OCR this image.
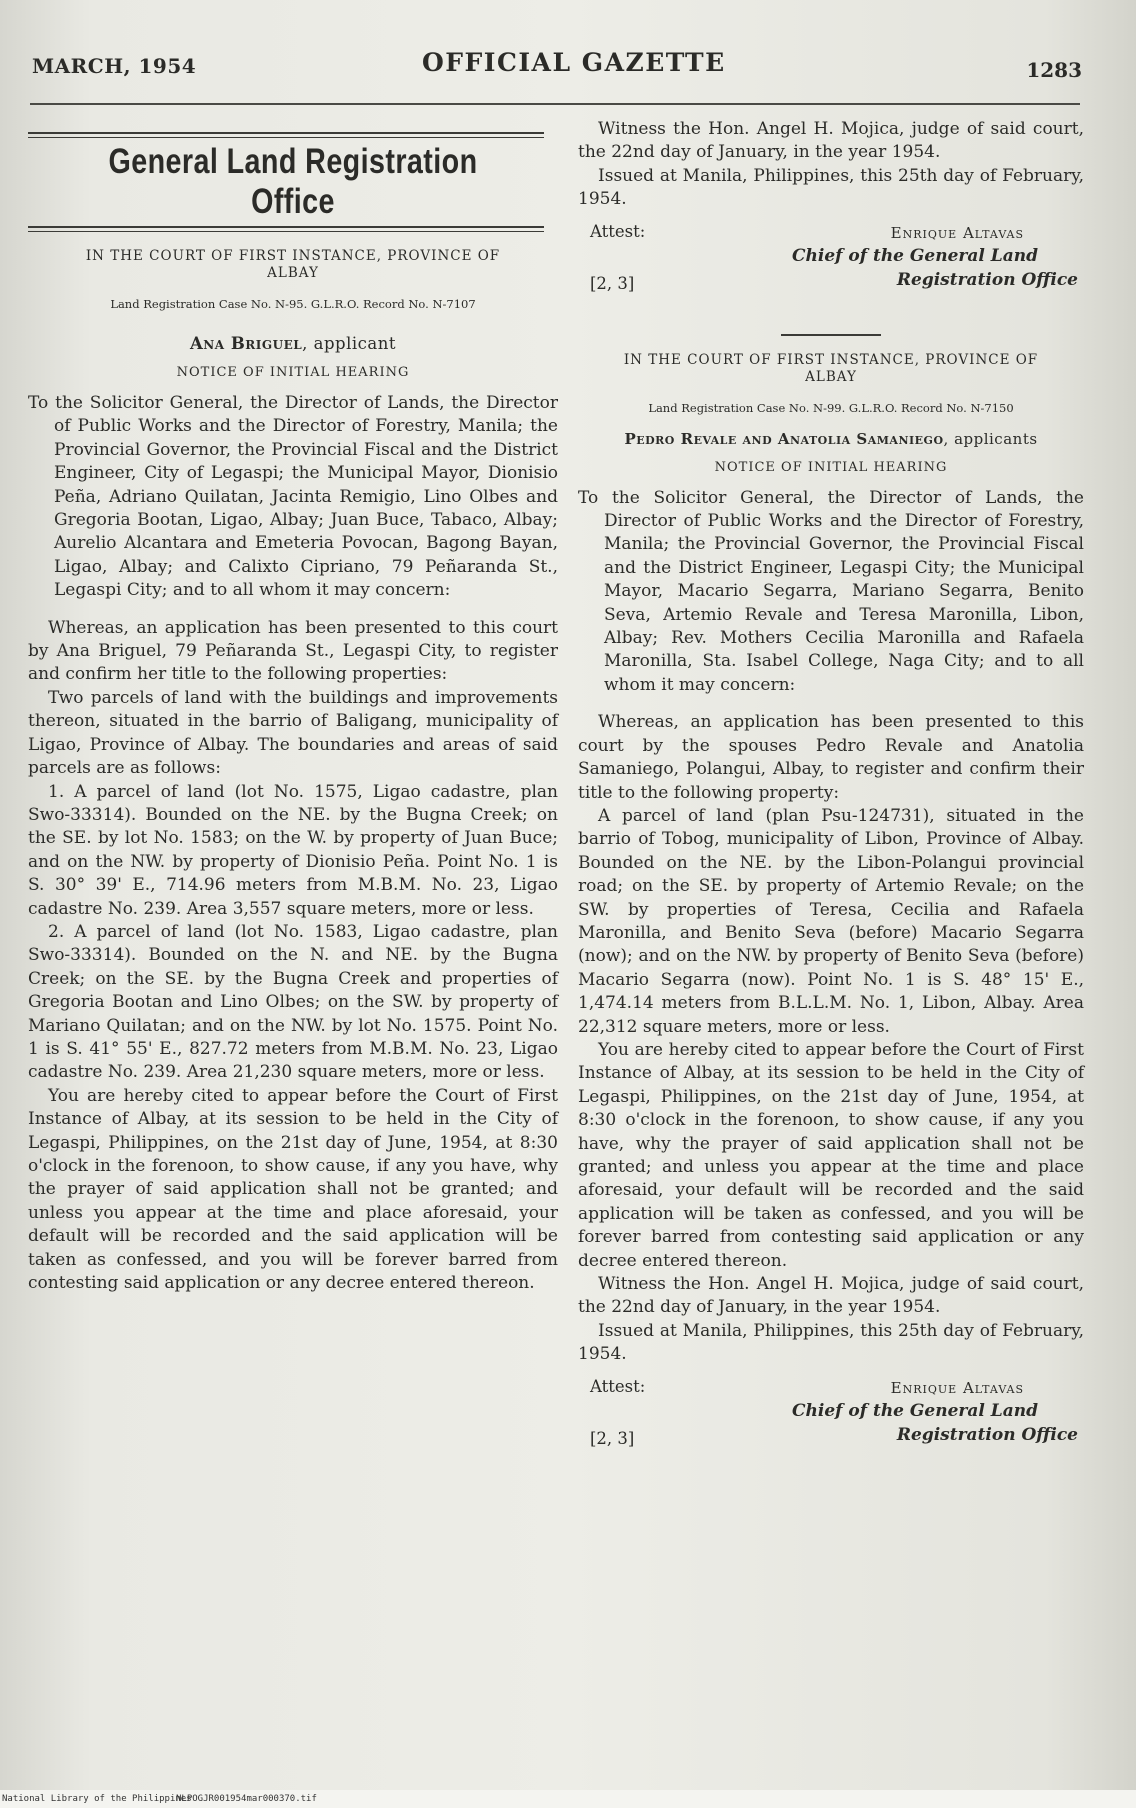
MARCH, 1954	OFFICIAL GAZETTE	1283
General Land Registration Office
IN THE COURT OF FIRST INSTANCE, PROVINCE OF ALBAY
Land Registration Case No. N-95. G.L.R.O. Record No. N-7107
Ana Briguel, applicant
NOTICE OF INITIAL HEARING

To the Solicitor General, the Director of Lands, the Director of Public Works and the Director of Forestry, Manila; the Provincial Governor, the Provincial Fiscal and the District Engineer, City of Legaspi; the Municipal Mayor, Dionisio Peña, Adriano Quilatan, Jacinta Remigio, Lino Olbes and Gregoria Bootan, Ligao, Albay; Juan Buce, Tabaco, Albay; Aurelio Alcantara and Emeteria Povocan, Bagong Bayan, Ligao, Albay; and Calixto Cipriano, 79 Peñaranda St., Legaspi City; and to all whom it may concern:

Whereas, an application has been presented to this court by Ana Briguel, 79 Peñaranda St., Legaspi City, to register and confirm her title to the following properties:

Two parcels of land with the buildings and improvements thereon, situated in the barrio of Baligang, municipality of Ligao, Province of Albay. The boundaries and areas of said parcels are as follows:

1. A parcel of land (lot No. 1575, Ligao cadastre, plan Swo-33314). Bounded on the NE. by the Bugna Creek; on the SE. by lot No. 1583; on the W. by property of Juan Buce; and on the NW. by property of Dionisio Peña. Point No. 1 is S. 30° 39' E., 714.96 meters from M.B.M. No. 23, Ligao cadastre No. 239. Area 3,557 square meters, more or less.

2. A parcel of land (lot No. 1583, Ligao cadastre, plan Swo-33314). Bounded on the N. and NE. by the Bugna Creek; on the SE. by the Bugna Creek and properties of Gregoria Bootan and Lino Olbes; on the SW. by property of Mariano Quilatan; and on the NW. by lot No. 1575. Point No. 1 is S. 41° 55' E., 827.72 meters from M.B.M. No. 23, Ligao cadastre No. 239. Area 21,230 square meters, more or less.

You are hereby cited to appear before the Court of First Instance of Albay, at its session to be held in the City of Legaspi, Philippines, on the 21st day of June, 1954, at 8:30 o'clock in the forenoon, to show cause, if any you have, why the prayer of said application shall not be granted; and unless you appear at the time and place aforesaid, your default will be recorded and the said application will be taken as confessed, and you will be forever barred from contesting said application or any decree entered thereon.

Witness the Hon. Angel H. Mojica, judge of said court, the 22nd day of January, in the year 1954.

Issued at Manila, Philippines, this 25th day of February, 1954.

Attest:	Enrique Altavas
Chief of the General Land
Registration Office
[2, 3]
IN THE COURT OF FIRST INSTANCE, PROVINCE OF ALBAY
Land Registration Case No. N-99. G.L.R.O. Record No. N-7150
Pedro Revale and Anatolia Samaniego, applicants
NOTICE OF INITIAL HEARING

To the Solicitor General, the Director of Lands, the Director of Public Works and the Director of Forestry, Manila; the Provincial Governor, the Provincial Fiscal and the District Engineer, Legaspi City; the Municipal Mayor, Macario Segarra, Mariano Segarra, Benito Seva, Artemio Revale and Teresa Maronilla, Libon, Albay; Rev. Mothers Cecilia Maronilla and Rafaela Maronilla, Sta. Isabel College, Naga City; and to all whom it may concern:

Whereas, an application has been presented to this court by the spouses Pedro Revale and Anatolia Samaniego, Polangui, Albay, to register and confirm their title to the following property:

A parcel of land (plan Psu-124731), situated in the barrio of Tobog, municipality of Libon, Province of Albay. Bounded on the NE. by the Libon-Polangui provincial road; on the SE. by property of Artemio Revale; on the SW. by properties of Teresa, Cecilia and Rafaela Maronilla, and Benito Seva (before) Macario Segarra (now); and on the NW. by property of Benito Seva (before) Macario Segarra (now). Point No. 1 is S. 48° 15' E., 1,474.14 meters from B.L.L.M. No. 1, Libon, Albay. Area 22,312 square meters, more or less.

You are hereby cited to appear before the Court of First Instance of Albay, at its session to be held in the City of Legaspi, Philippines, on the 21st day of June, 1954, at 8:30 o'clock in the forenoon, to show cause, if any you have, why the prayer of said application shall not be granted; and unless you appear at the time and place aforesaid, your default will be recorded and the said application will be taken as confessed, and you will be forever barred from contesting said application or any decree entered thereon.

Witness the Hon. Angel H. Mojica, judge of said court, the 22nd day of January, in the year 1954.

Issued at Manila, Philippines, this 25th day of February, 1954.

Attest:	Enrique Altavas
Chief of the General Land
Registration Office
[2, 3]
National Library of the Philippines
NLPOGJR001954mar000370.tif
